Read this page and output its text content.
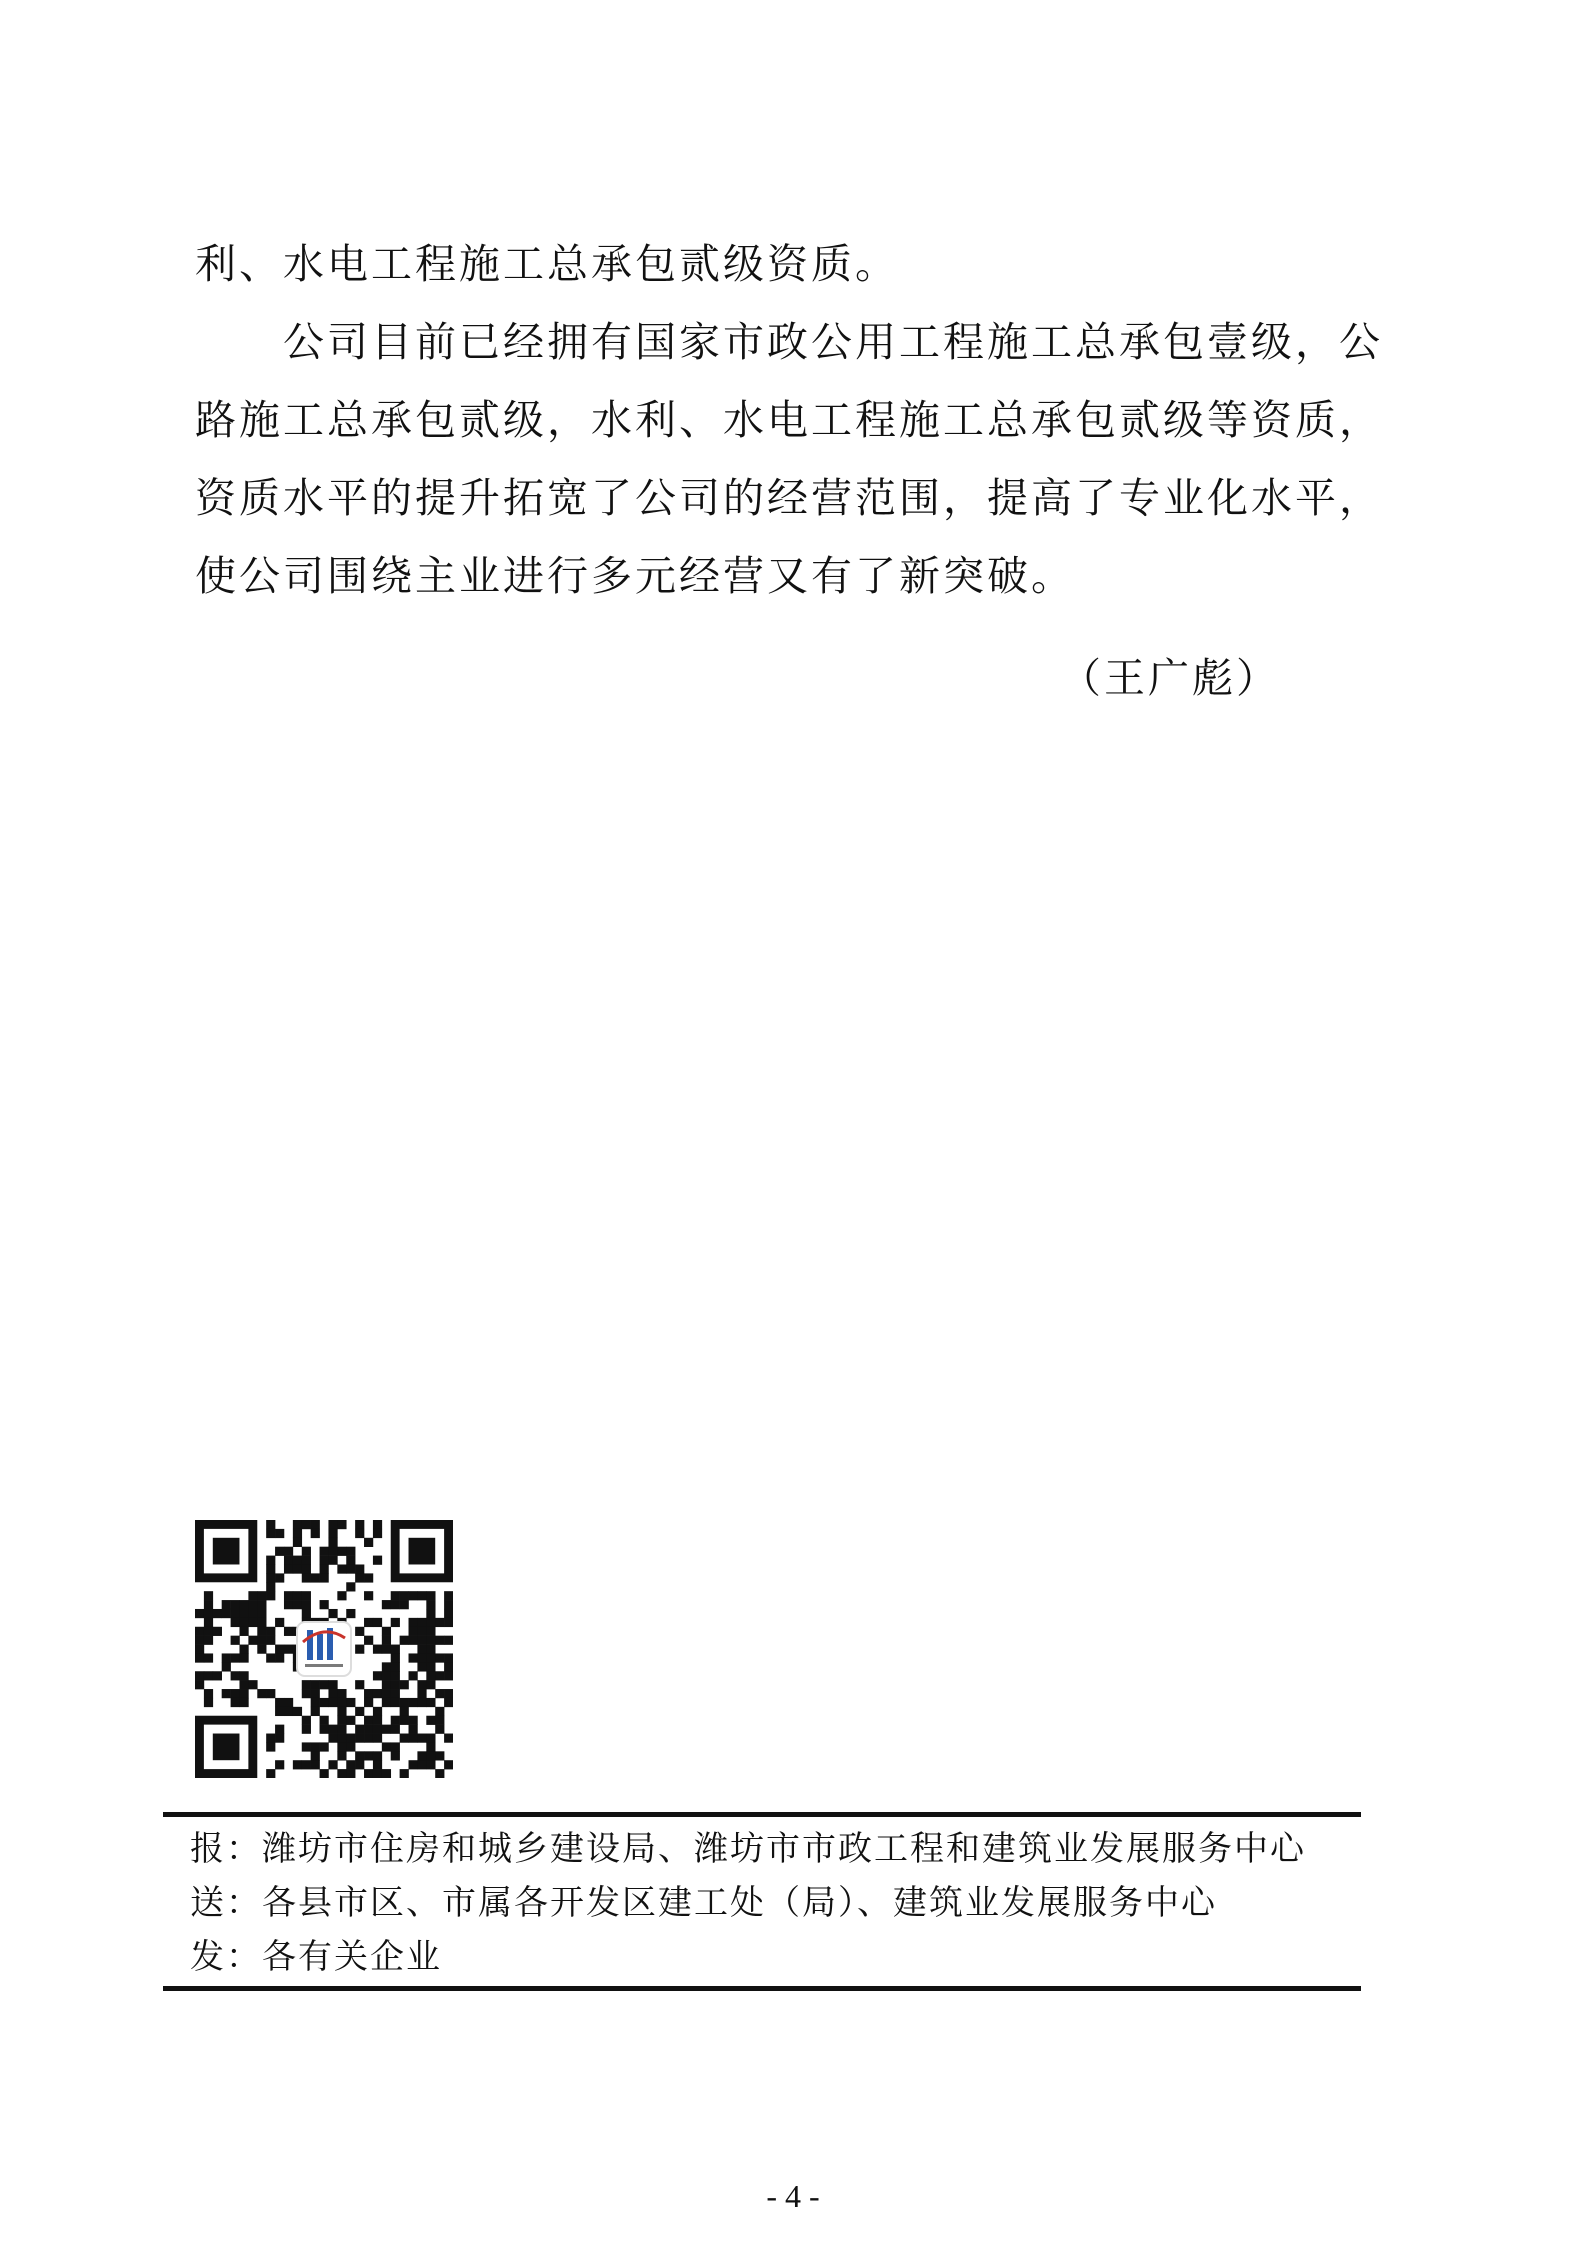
利、水电工程施工总承包贰级资质。

公司目前已经拥有国家市政公用工程施工总承包壹级，公路施工总承包贰级，水利、水电工程施工总承包贰级等资质，资质水平的提升拓宽了公司的经营范围，提高了专业化水平，使公司围绕主业进行多元经营又有了新突破。

（王广彪）
报：潍坊市住房和城乡建设局、潍坊市市政工程和建筑业发展服务中心
送：各县市区、市属各开发区建工处（局）、建筑业发展服务中心
发：各有关企业
- 4 -
